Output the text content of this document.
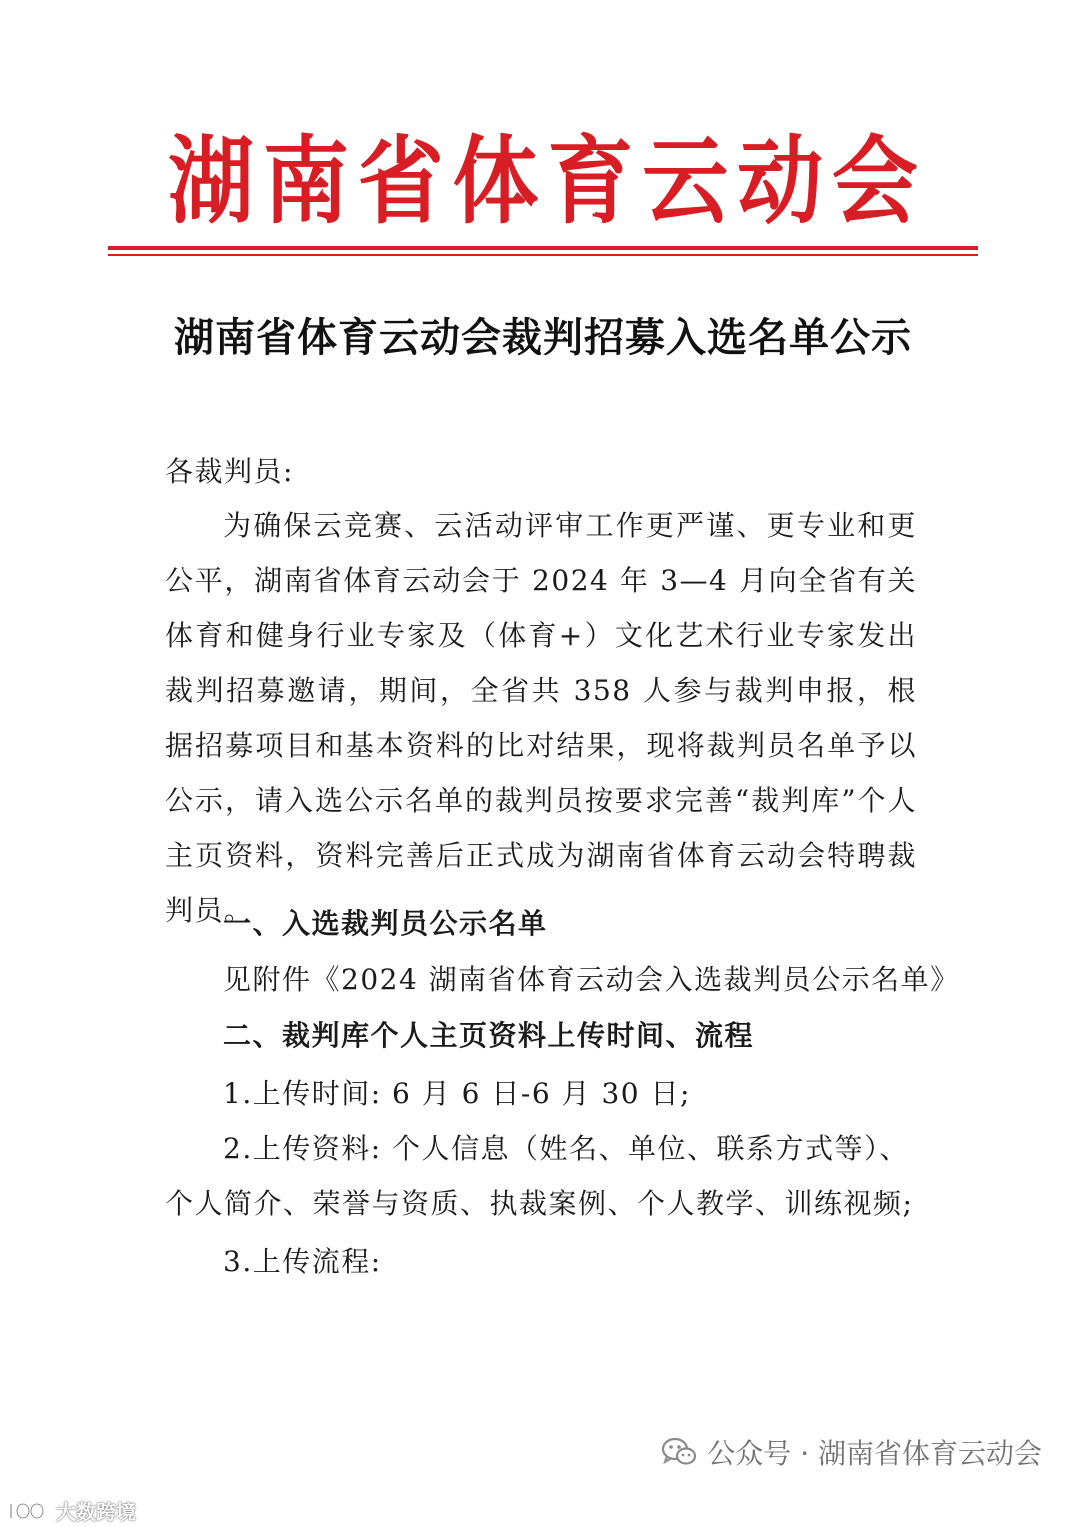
湖 南 省 体 育 云 动 会
湖南省体育云动会裁判招募入选名单公示
各裁判员:
为确保云竞赛、云活动评审工作更严谨、更专业和更公平，湖南省体育云动会于 2024 年 3—4 月向全省有关体育和健身行业专家及（体育+）文化艺术行业专家发出裁判招募邀请，期间，全省共 358 人参与裁判申报，根据招募项目和基本资料的比对结果，现将裁判员名单予以公示，请入选公示名单的裁判员按要求完善“裁判库”个人主页资料，资料完善后正式成为湖南省体育云动会特聘裁判员。
一、入选裁判员公示名单
见附件《2024 湖南省体育云动会入选裁判员公示名单》
二、裁判库个人主页资料上传时间、流程
1.上传时间: 6 月 6 日-6 月 30 日;
2.上传资料: 个人信息（姓名、单位、联系方式等）、个人简介、荣誉与资质、执裁案例、个人教学、训练视频;
3.上传流程:
公众号 · 湖南省体育云动会
大数跨境
